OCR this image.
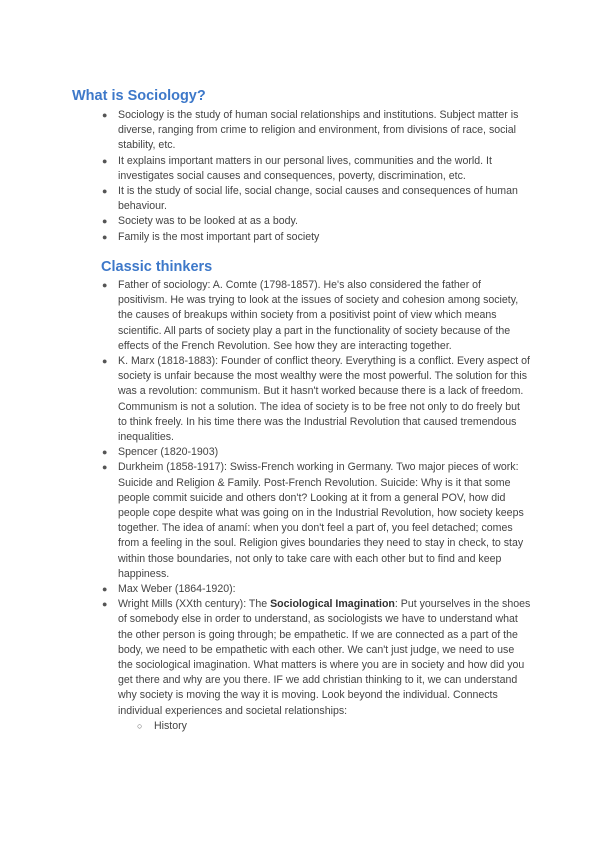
What is Sociology?
● Sociology is the study of human social relationships and institutions. Subject matter is diverse, ranging from crime to religion and environment, from divisions of race, social stability, etc.
● It explains important matters in our personal lives, communities and the world. It investigates social causes and consequences, poverty, discrimination, etc.
● It is the study of social life, social change, social causes and consequences of human behaviour.
● Society was to be looked at as a body.
● Family is the most important part of society
Classic thinkers
● Father of sociology: A. Comte (1798-1857). He's also considered the father of positivism. He was trying to look at the issues of society and cohesion among society, the causes of breakups within society from a positivist point of view which means scientific. All parts of society play a part in the functionality of society because of the effects of the French Revolution. See how they are interacting together.
● K. Marx (1818-1883): Founder of conflict theory. Everything is a conflict. Every aspect of society is unfair because the most wealthy were the most powerful. The solution for this was a revolution: communism. But it hasn't worked because there is a lack of freedom. Communism is not a solution. The idea of society is to be free not only to do freely but to think freely. In his time there was the Industrial Revolution that caused tremendous inequalities.
● Spencer (1820-1903)
● Durkheim (1858-1917): Swiss-French working in Germany. Two major pieces of work: Suicide and Religion & Family. Post-French Revolution. Suicide: Why is it that some people commit suicide and others don't? Looking at it from a general POV, how did people cope despite what was going on in the Industrial Revolution, how society keeps together. The idea of anamí: when you don't feel a part of, you feel detached; comes from a feeling in the soul. Religion gives boundaries they need to stay in check, to stay within those boundaries, not only to take care with each other but to find and keep happiness.
● Max Weber (1864-1920):
● Wright Mills (XXth century): The Sociological Imagination: Put yourselves in the shoes of somebody else in order to understand, as sociologists we have to understand what the other person is going through; be empathetic. If we are connected as a part of the body, we need to be empathetic with each other. We can't just judge, we need to use the sociological imagination. What matters is where you are in society and how did you get there and why are you there. IF we add christian thinking to it, we can understand why society is moving the way it is moving. Look beyond the individual. Connects individual experiences and societal relationships:
○ History
